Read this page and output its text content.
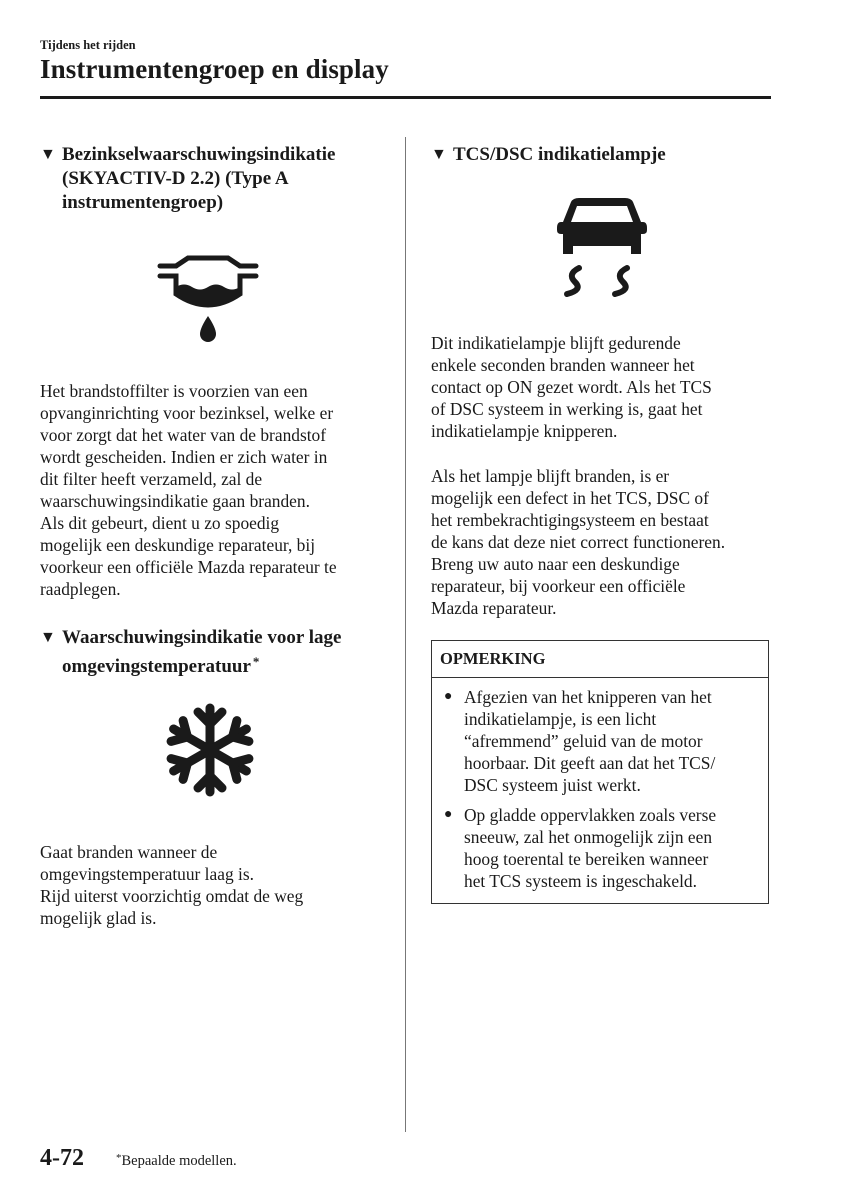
Tijdens het rijden
Instrumentengroep en display
▼ Bezinkselwaarschuwingsindikatie (SKYACTIV-D 2.2) (Type A instrumentengroep)

Het brandstoffilter is voorzien van een
opvanginrichting voor bezinksel, welke er
voor zorgt dat het water van de brandstof
wordt gescheiden. Indien er zich water in
dit filter heeft verzameld, zal de
waarschuwingsindikatie gaan branden.
Als dit gebeurt, dient u zo spoedig
mogelijk een deskundige reparateur, bij
voorkeur een officiële Mazda reparateur te
raadplegen.

▼ Waarschuwingsindikatie voor lage omgevingstemperatuur *

Gaat branden wanneer de
omgevingstemperatuur laag is.
Rijd uiterst voorzichtig omdat de weg
mogelijk glad is.

▼ TCS/DSC indikatielampje

Dit indikatielampje blijft gedurende
enkele seconden branden wanneer het
contact op ON gezet wordt. Als het TCS
of DSC systeem in werking is, gaat het
indikatielampje knipperen.

Als het lampje blijft branden, is er
mogelijk een defect in het TCS, DSC of
het rembekrachtigingsysteem en bestaat
de kans dat deze niet correct functioneren.
Breng uw auto naar een deskundige
reparateur, bij voorkeur een officiële
Mazda reparateur.

OPMERKING
● Afgezien van het knipperen van het
indikatielampje, is een licht
“afremmend” geluid van de motor
hoorbaar. Dit geeft aan dat het TCS/
DSC systeem juist werkt.
● Op gladde oppervlakken zoals verse
sneeuw, zal het onmogelijk zijn een
hoog toerental te bereiken wanneer
het TCS systeem is ingeschakeld.
4-72	*Bepaalde modellen.
